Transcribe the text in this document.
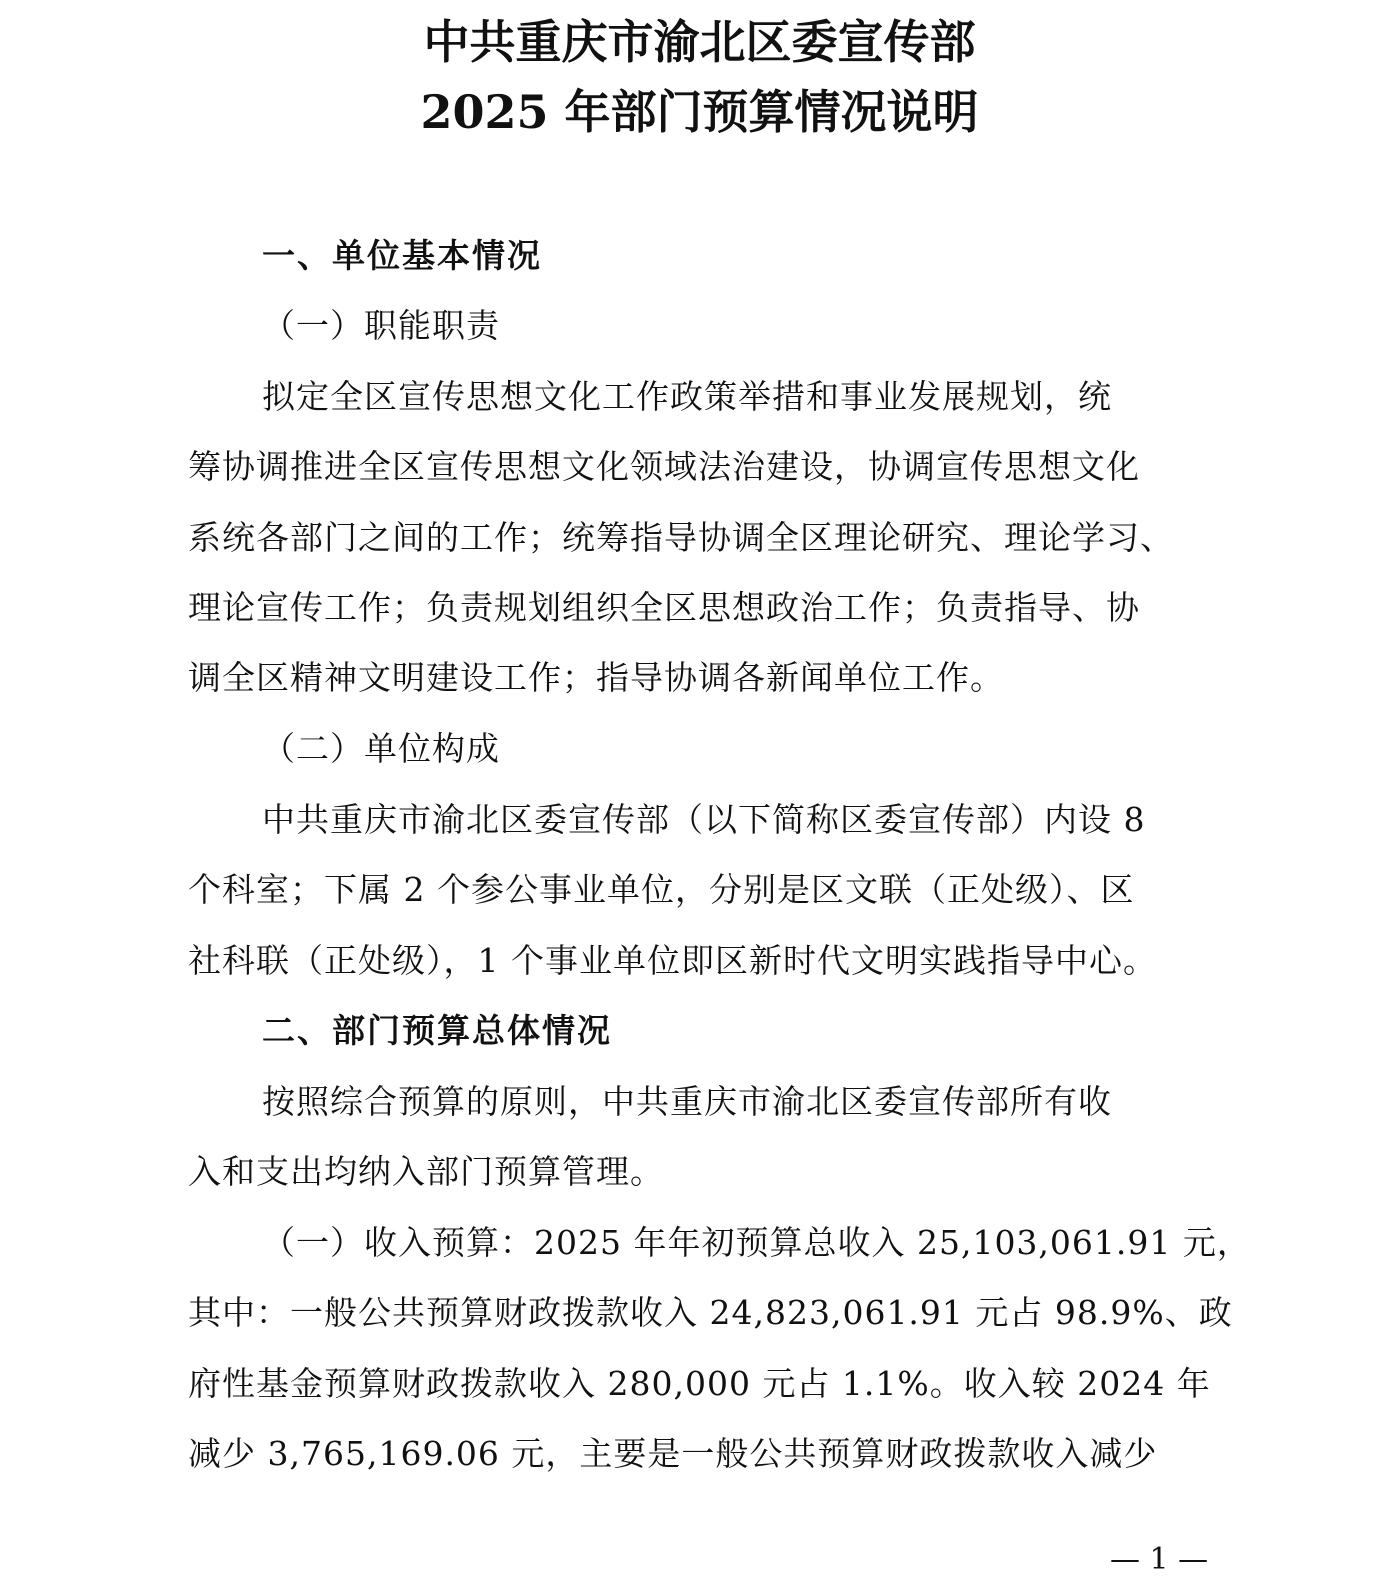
中共重庆市渝北区委宣传部
2025 年部门预算情况说明
一、单位基本情况
（一）职能职责
拟定全区宣传思想文化工作政策举措和事业发展规划，统
筹协调推进全区宣传思想文化领域法治建设，协调宣传思想文化
系统各部门之间的工作；统筹指导协调全区理论研究、理论学习、
理论宣传工作；负责规划组织全区思想政治工作；负责指导、协
调全区精神文明建设工作；指导协调各新闻单位工作。
（二）单位构成
中共重庆市渝北区委宣传部（以下简称区委宣传部）内设 8
个科室；下属 2 个参公事业单位，分别是区文联（正处级）、区
社科联（正处级），1 个事业单位即区新时代文明实践指导中心。
二、部门预算总体情况
按照综合预算的原则，中共重庆市渝北区委宣传部所有收
入和支出均纳入部门预算管理。
（一）收入预算：2025 年年初预算总收入 25,103,061.91 元，
其中：一般公共预算财政拨款收入 24,823,061.91 元占 98.9%、政
府性基金预算财政拨款收入 280,000 元占 1.1%。收入较 2024 年
减少 3,765,169.06 元，主要是一般公共预算财政拨款收入减少
— 1 —
